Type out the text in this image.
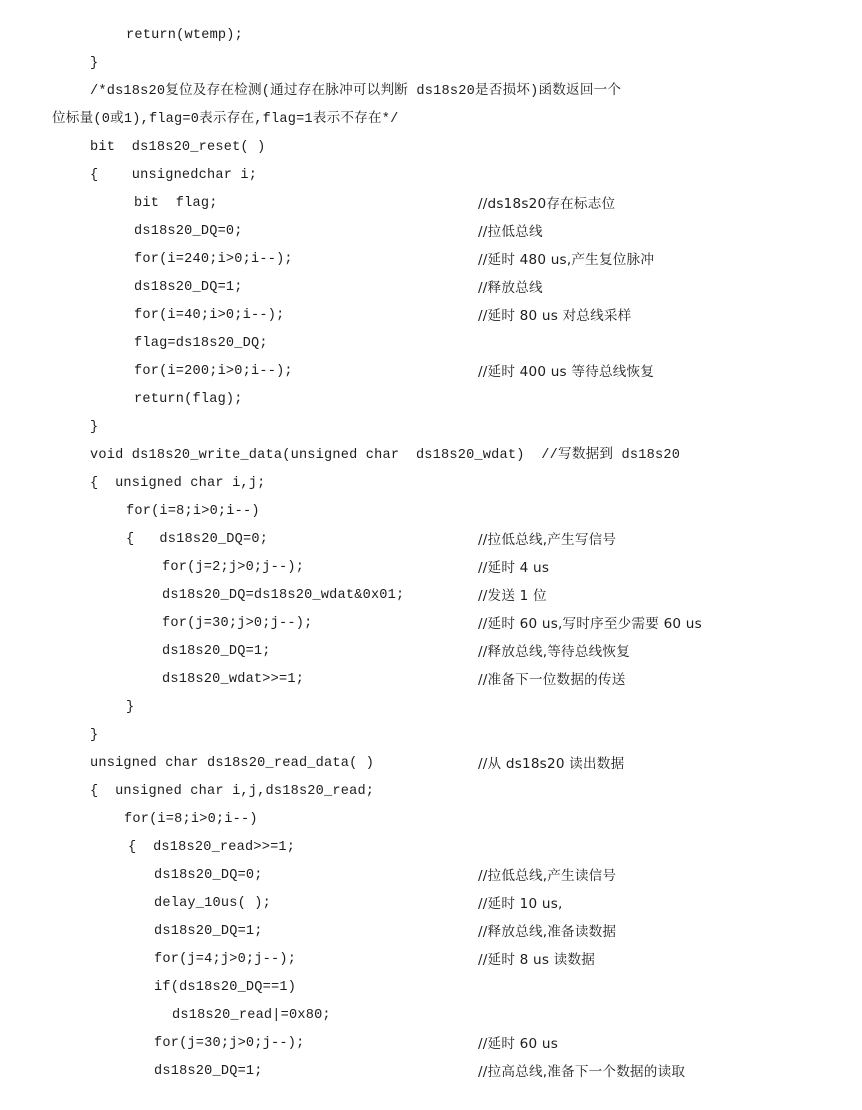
return(wtemp);
}
/*ds18s20复位及存在检测(通过存在脉冲可以判断 ds18s20是否损坏)函数返回一个
位标量(0或1),flag=0表示存在,flag=1表示不存在*/
bit  ds18s20_reset( )
{    unsignedchar i;
bit  flag;	//ds18s20存在标志位
ds18s20_DQ=0;	//拉低总线
for(i=240;i>0;i--);	//延时 480 us,产生复位脉冲
ds18s20_DQ=1;	//释放总线
for(i=40;i>0;i--);	//延时 80 us 对总线采样
flag=ds18s20_DQ;
for(i=200;i>0;i--);	//延时 400 us 等待总线恢复
return(flag);
}
void ds18s20_write_data(unsigned char  ds18s20_wdat)  //写数据到 ds18s20
{  unsigned char i,j;
for(i=8;i>0;i--)
{   ds18s20_DQ=0;	//拉低总线,产生写信号
for(j=2;j>0;j--);	//延时 4 us
ds18s20_DQ=ds18s20_wdat&0x01;	//发送 1 位
for(j=30;j>0;j--);	//延时 60 us,写时序至少需要 60 us
ds18s20_DQ=1;	//释放总线,等待总线恢复
ds18s20_wdat>>=1;	//准备下一位数据的传送
}
}
unsigned char ds18s20_read_data( )	//从 ds18s20 读出数据
{  unsigned char i,j,ds18s20_read;
for(i=8;i>0;i--)
{  ds18s20_read>>=1;
ds18s20_DQ=0;	//拉低总线,产生读信号
delay_10us( );	//延时 10 us,
ds18s20_DQ=1;	//释放总线,准备读数据
for(j=4;j>0;j--);	//延时 8 us 读数据
if(ds18s20_DQ==1)
ds18s20_read|=0x80;
for(j=30;j>0;j--);	//延时 60 us
ds18s20_DQ=1;	//拉高总线,准备下一个数据的读取
